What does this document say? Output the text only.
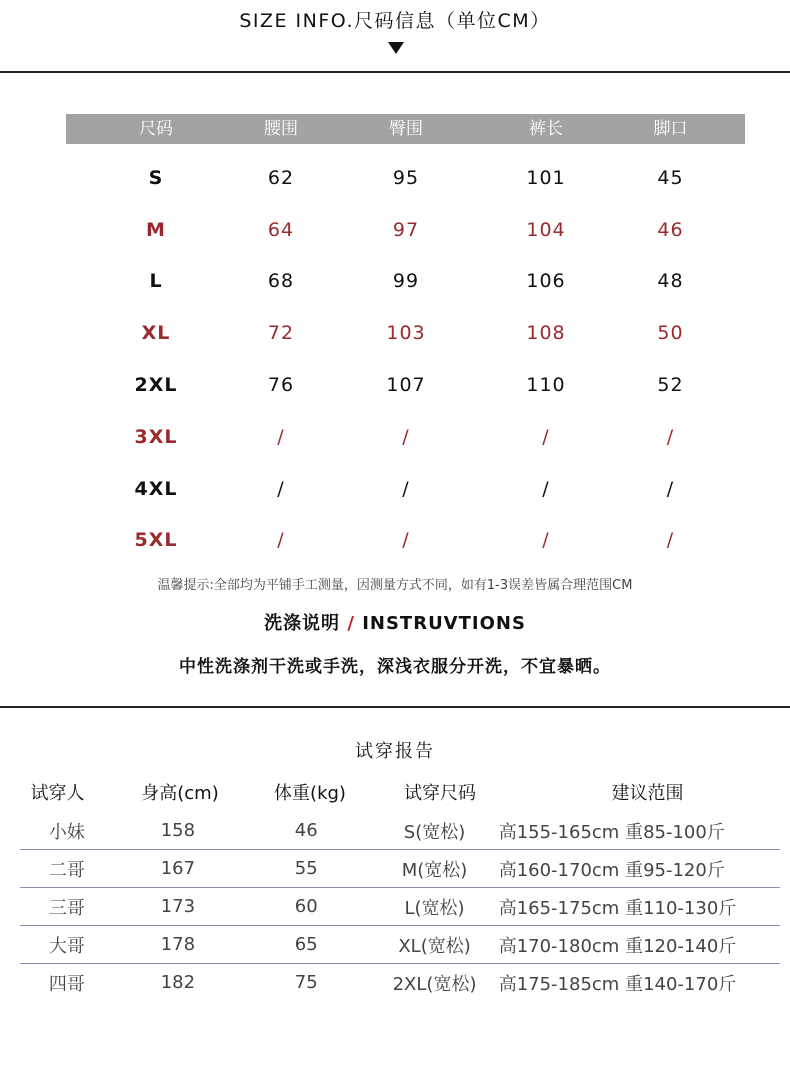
SIZE INFO.尺码信息（单位CM）
尺码	腰围	臀围	裤长	脚口
S	62	95	101	45
M	64	97	104	46
L	68	99	106	48
XL	72	103	108	50
2XL	76	107	110	52
3XL	/	/	/	/
4XL	/	/	/	/
5XL	/	/	/	/
温馨提示:全部均为平铺手工测量，因测量方式不同，如有1-3误差皆属合理范围CM
洗涤说明 / INSTRUVTIONS
中性洗涤剂干洗或手洗，深浅衣服分开洗，不宜暴晒。
试穿报告
试穿人	身高(cm)	体重(kg)	试穿尺码	建议范围
小妹	158	46	S(宽松)	高155-165cm 重85-100斤
二哥	167	55	M(宽松)	高160-170cm 重95-120斤
三哥	173	60	L(宽松)	高165-175cm 重110-130斤
大哥	178	65	XL(宽松)	高170-180cm 重120-140斤
四哥	182	75	2XL(宽松)	高175-185cm 重140-170斤
